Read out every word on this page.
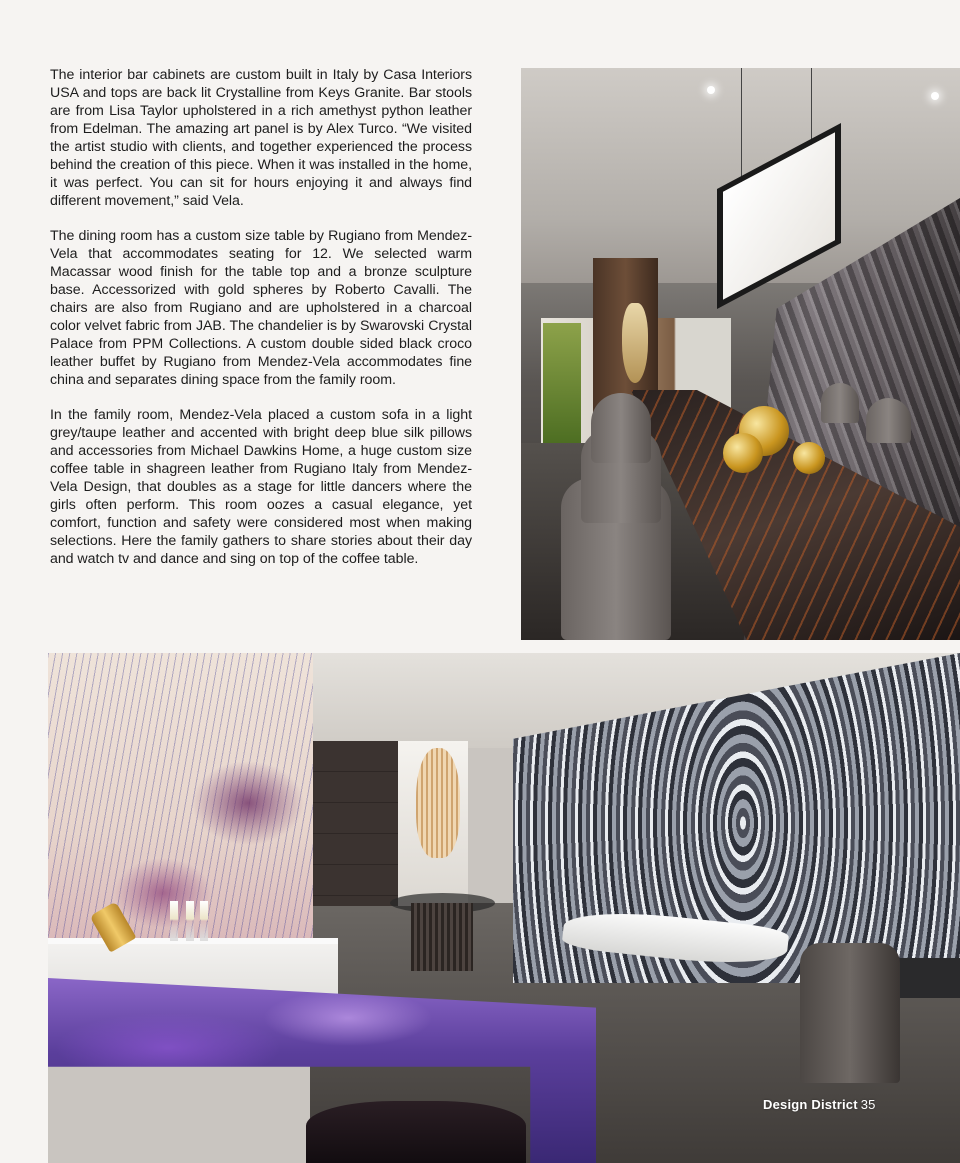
The interior bar cabinets are custom built in Italy by Casa Interiors USA and tops are back lit Crystalline from Keys Granite. Bar stools are from Lisa Taylor upholstered in a rich amethyst python leather from Edelman. The amazing art panel is by Alex Turco. “We visited the artist studio with clients, and together experienced the process behind the creation of this piece. When it was installed in the home, it was perfect. You can sit for hours enjoying it and always find different movement,” said Vela.

The dining room has a custom size table by Rugiano from Mendez-Vela that accommodates seating for 12. We selected warm Macassar wood finish for the table top and a bronze sculpture base. Accessorized with gold spheres by Roberto Cavalli. The chairs are also from Rugiano and are upholstered in a charcoal color velvet fabric from JAB. The chandelier is by Swarovski Crystal Palace from PPM Collections. A custom double sided black croco leather buffet by Rugiano from Mendez-Vela accommodates fine china and separates dining space from the family room.

In the family room, Mendez-Vela placed a custom sofa in a light grey/taupe leather and accented with bright deep blue silk pillows and accessories from Michael Dawkins Home, a huge custom size coffee table in shagreen leather from Rugiano Italy from Mendez-Vela Design, that doubles as a stage for little dancers where the girls often perform. This room oozes a casual elegance, yet comfort, function and safety were considered most when making selections. Here the family gathers to share stories about their day and watch tv and dance and sing on top of the coffee table.

Design District 35
